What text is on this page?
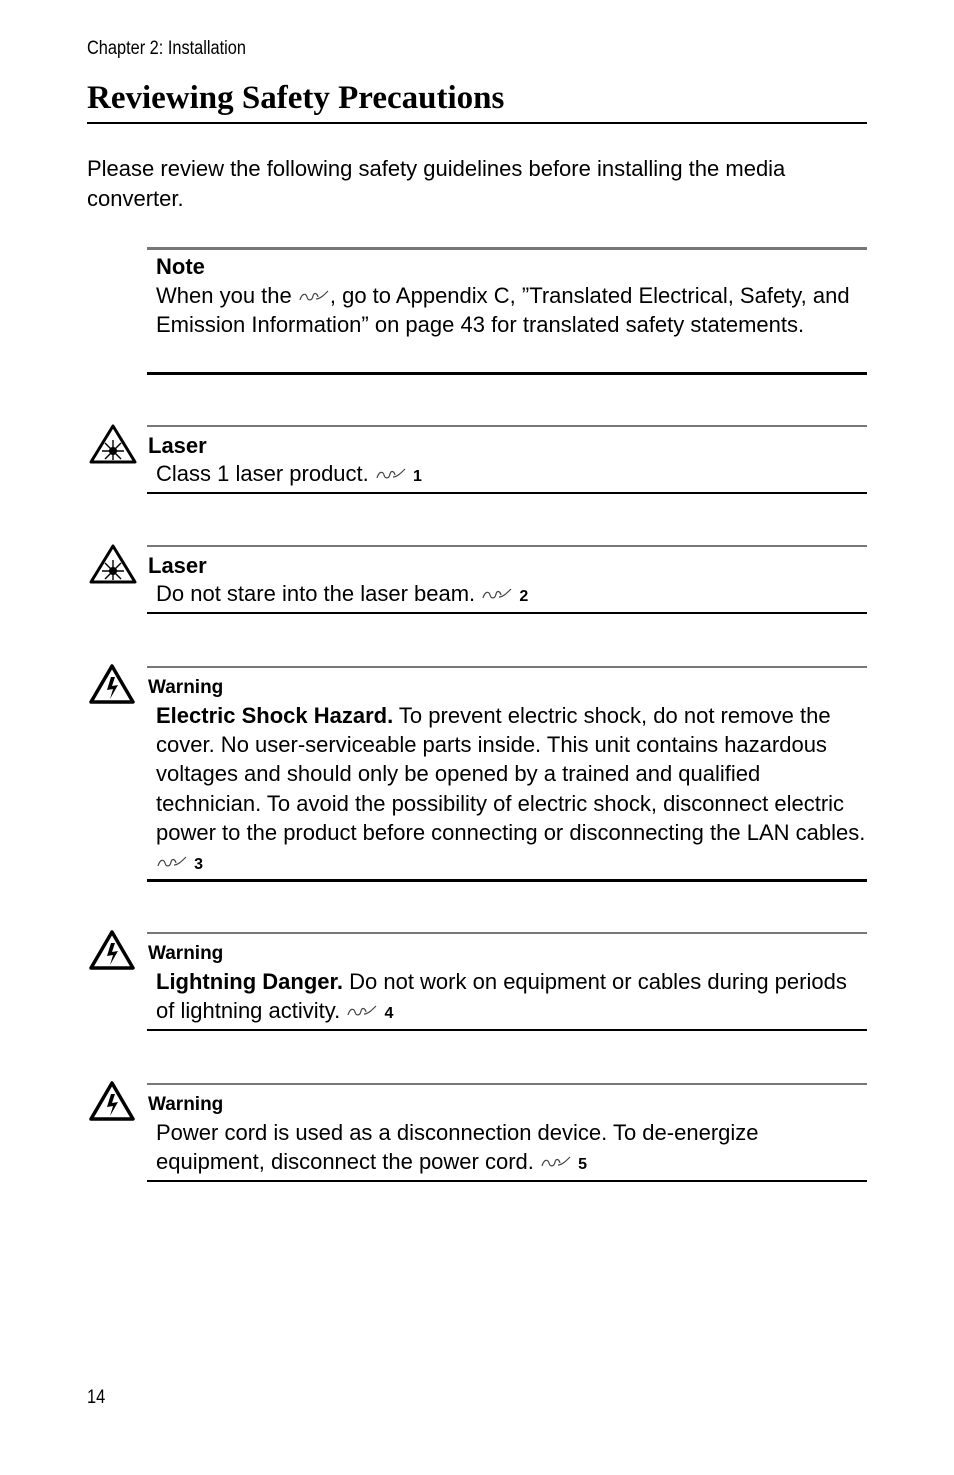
Chapter 2: Installation
Reviewing Safety Precautions

Please review the following safety guidelines before installing the media converter.

Note
When you the , go to Appendix C, ”Translated Electrical, Safety, and Emission Information” on page 43 for translated safety statements.
Laser
Class 1 laser product.  1
Laser
Do not stare into the laser beam.  2
Warning
Electric Shock Hazard. To prevent electric shock, do not remove the cover. No user-serviceable parts inside. This unit contains hazardous voltages and should only be opened by a trained and qualified technician. To avoid the possibility of electric shock, disconnect electric power to the product before connecting or disconnecting the LAN cables.  3
Warning
Lightning Danger. Do not work on equipment or cables during periods of lightning activity.  4
Warning
Power cord is used as a disconnection device. To de-energize equipment, disconnect the power cord.  5
14
